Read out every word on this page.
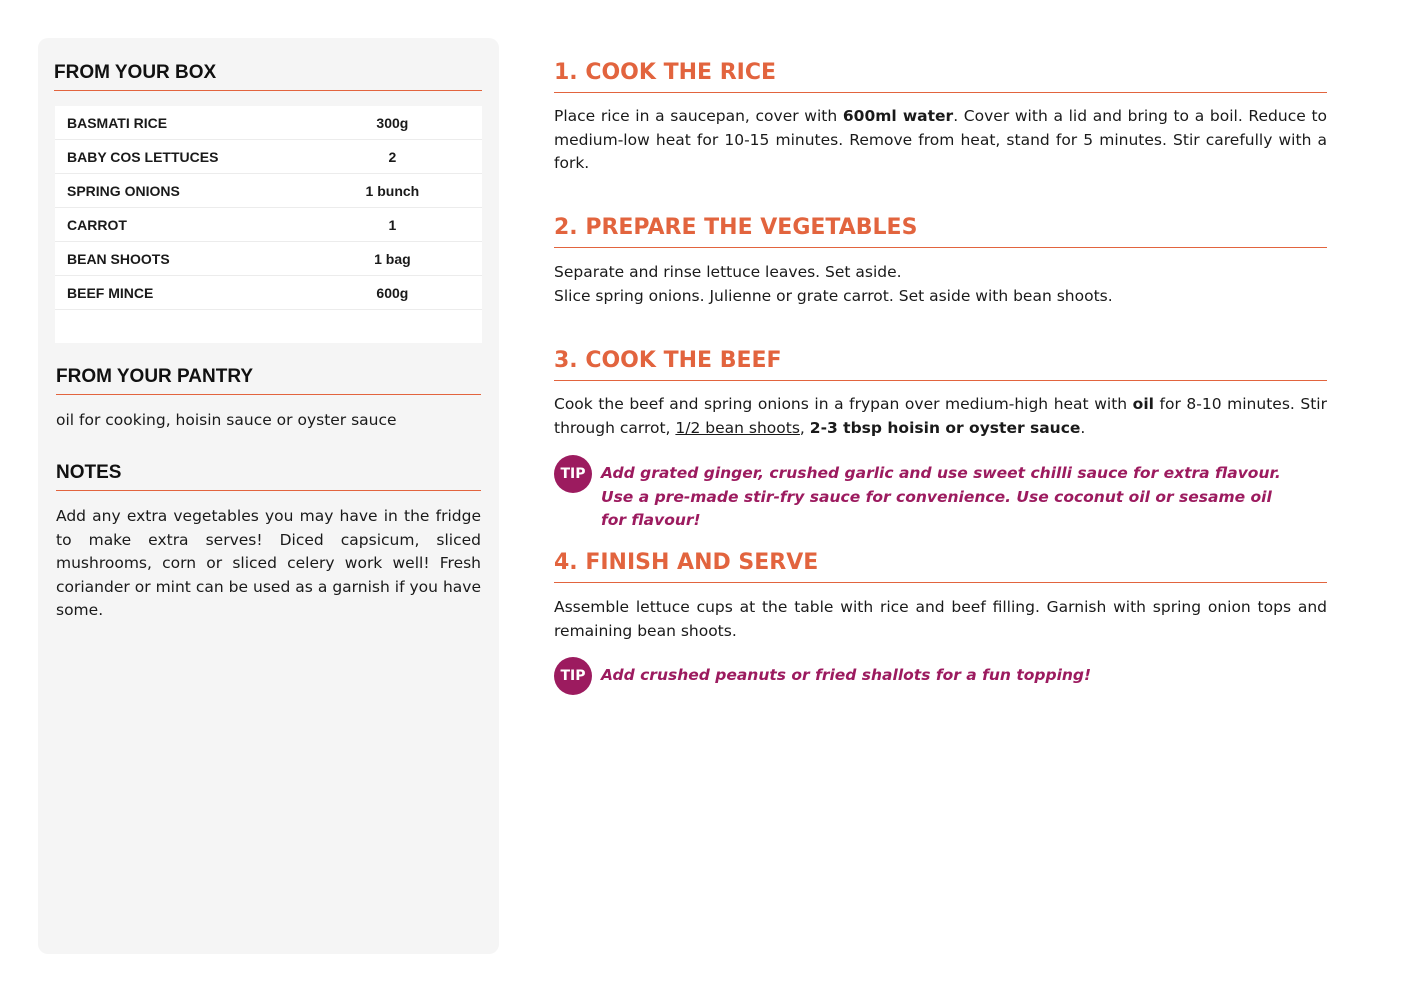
FROM YOUR BOX
BASMATI RICE	300g
BABY COS LETTUCES	2
SPRING ONIONS	1 bunch
CARROT	1
BEAN SHOOTS	1 bag
BEEF MINCE	600g

FROM YOUR PANTRY
oil for cooking, hoisin sauce or oyster sauce
NOTES
Add any extra vegetables you may have in the fridge to make extra serves! Diced capsicum, sliced mushrooms, corn or sliced celery work well! Fresh coriander or mint can be used as a garnish if you have some.
1. COOK THE RICE
Place rice in a saucepan, cover with 600ml water. Cover with a lid and bring to a boil. Reduce to medium-low heat for 10-15 minutes. Remove from heat, stand for 5 minutes. Stir carefully with a fork.
2. PREPARE THE VEGETABLES
Separate and rinse lettuce leaves. Set aside.
Slice spring onions. Julienne or grate carrot. Set aside with bean shoots.
3. COOK THE BEEF
Cook the beef and spring onions in a frypan over medium-high heat with oil for 8-10 minutes. Stir through carrot, 1/2 bean shoots, 2-3 tbsp hoisin or oyster sauce.
TIP Add grated ginger, crushed garlic and use sweet chilli sauce for extra flavour. Use a pre-made stir-fry sauce for convenience. Use coconut oil or sesame oil for flavour!
4. FINISH AND SERVE
Assemble lettuce cups at the table with rice and beef filling. Garnish with spring onion tops and remaining bean shoots.
TIP Add crushed peanuts or fried shallots for a fun topping!
